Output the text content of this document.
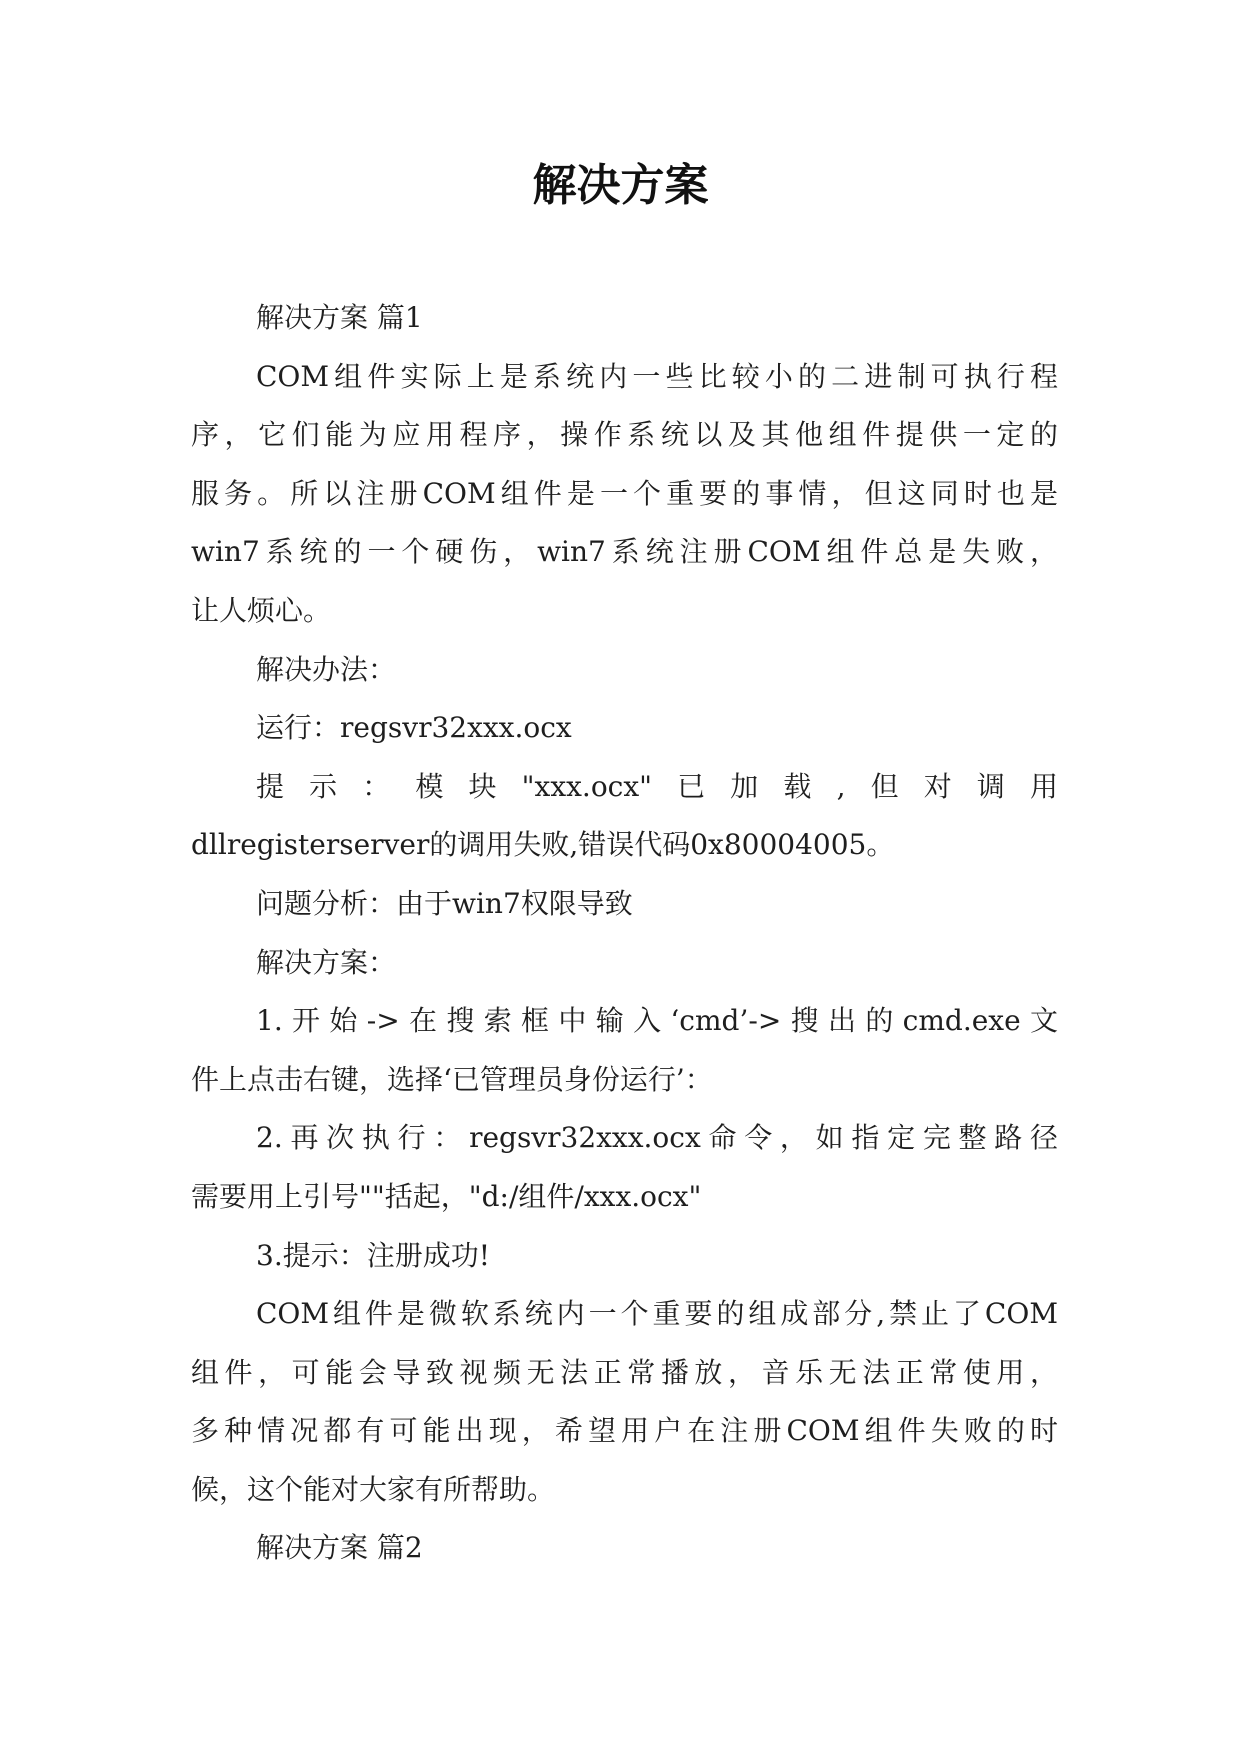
解决方案
解决方案 篇1
COM组件实际上是系统内一些比较小的二进制可执行程
序，它们能为应用程序，操作系统以及其他组件提供一定的
服务。所以注册COM组件是一个重要的事情，但这同时也是
win7系统的一个硬伤，win7系统注册COM组件总是失败，
让人烦心。
解决办法：
运行：regsvr32xxx.ocx
提示：模块"xxx.ocx"已加载,但对调用
dllregisterserver的调用失败,错误代码0x80004005。
问题分析：由于win7权限导致
解决方案：
1.开始->在搜索框中输入‘cmd’->搜出的cmd.exe文
件上点击右键，选择‘已管理员身份运行’：
2.再次执行：regsvr32xxx.ocx命令，如指定完整路径
需要用上引号""括起，"d:/组件/xxx.ocx"
3.提示：注册成功!
COM组件是微软系统内一个重要的组成部分,禁止了COM
组件，可能会导致视频无法正常播放，音乐无法正常使用，
多种情况都有可能出现，希望用户在注册COM组件失败的时
候，这个能对大家有所帮助。
解决方案 篇2
